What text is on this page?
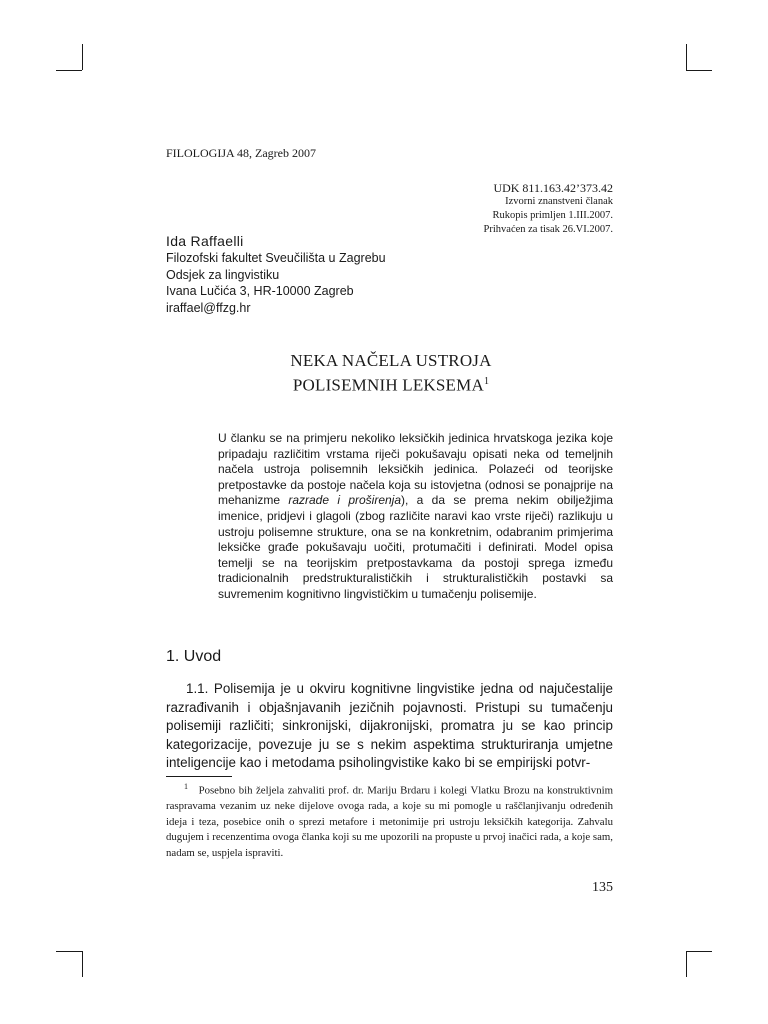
FILOLOGIJA 48, Zagreb 2007
UDK 811.163.42’373.42
Izvorni znanstveni članak
Rukopis primljen 1.III.2007.
Prihvaćen za tisak 26.VI.2007.
Ida Raffaelli
Filozofski fakultet Sveučilišta u Zagrebu
Odsjek za lingvistiku
Ivana Lučića 3, HR-10000 Zagreb
iraffael@ffzg.hr
NEKA NAČELA USTROJA
POLISEMNIH LEKSEMA$^1$
U članku se na primjeru nekoliko leksičkih jedinica hrvatskoga jezika koje pripadaju različitim vrstama riječi pokušavaju opisati neka od temeljnih načela ustroja polisemnih leksičkih jedinica. Polazeći od teorijske pretpostavke da postoje načela koja su istovjetna (odnosi se ponajprije na mehanizme razrade i proširenja), a da se prema nekim obilježjima imenice, pridjevi i glagoli (zbog različite naravi kao vrste riječi) razlikuju u ustroju polisemne strukture, ona se na konkretnim, odabranim primjerima leksičke građe pokušavaju uočiti, protumačiti i definirati. Model opisa temelji se na teorijskim pretpostavkama da postoji sprega između tradicionalnih predstrukturalističkih i strukturalističkih postavki sa suvremenim kognitivno lingvističkim u tumačenju polisemije.
1. Uvod
1.1. Polisemija je u okviru kognitivne lingvistike jedna od najučestalije razrađivanih i objašnjavanih jezičnih pojavnosti. Pristupi su tumačenju polisemiji različiti; sinkronijski, dijakronijski, promatra ju se kao princip kategorizacije, povezuje ju se s nekim aspektima strukturiranja umjetne inteligencije kao i metodama psiholingvistike kako bi se empirijski potvr-
$^1$ Posebno bih željela zahvaliti prof. dr. Mariju Brdaru i kolegi Vlatku Brozu na konstruktivnim raspravama vezanim uz neke dijelove ovoga rada, a koje su mi pomogle u raščlanjivanju određenih ideja i teza, posebice onih o sprezi metafore i metonimije pri ustroju leksičkih kategorija. Zahvalu dugujem i recenzentima ovoga članka koji su me upozorili na propuste u prvoj inačici rada, a koje sam, nadam se, uspjela ispraviti.
135
